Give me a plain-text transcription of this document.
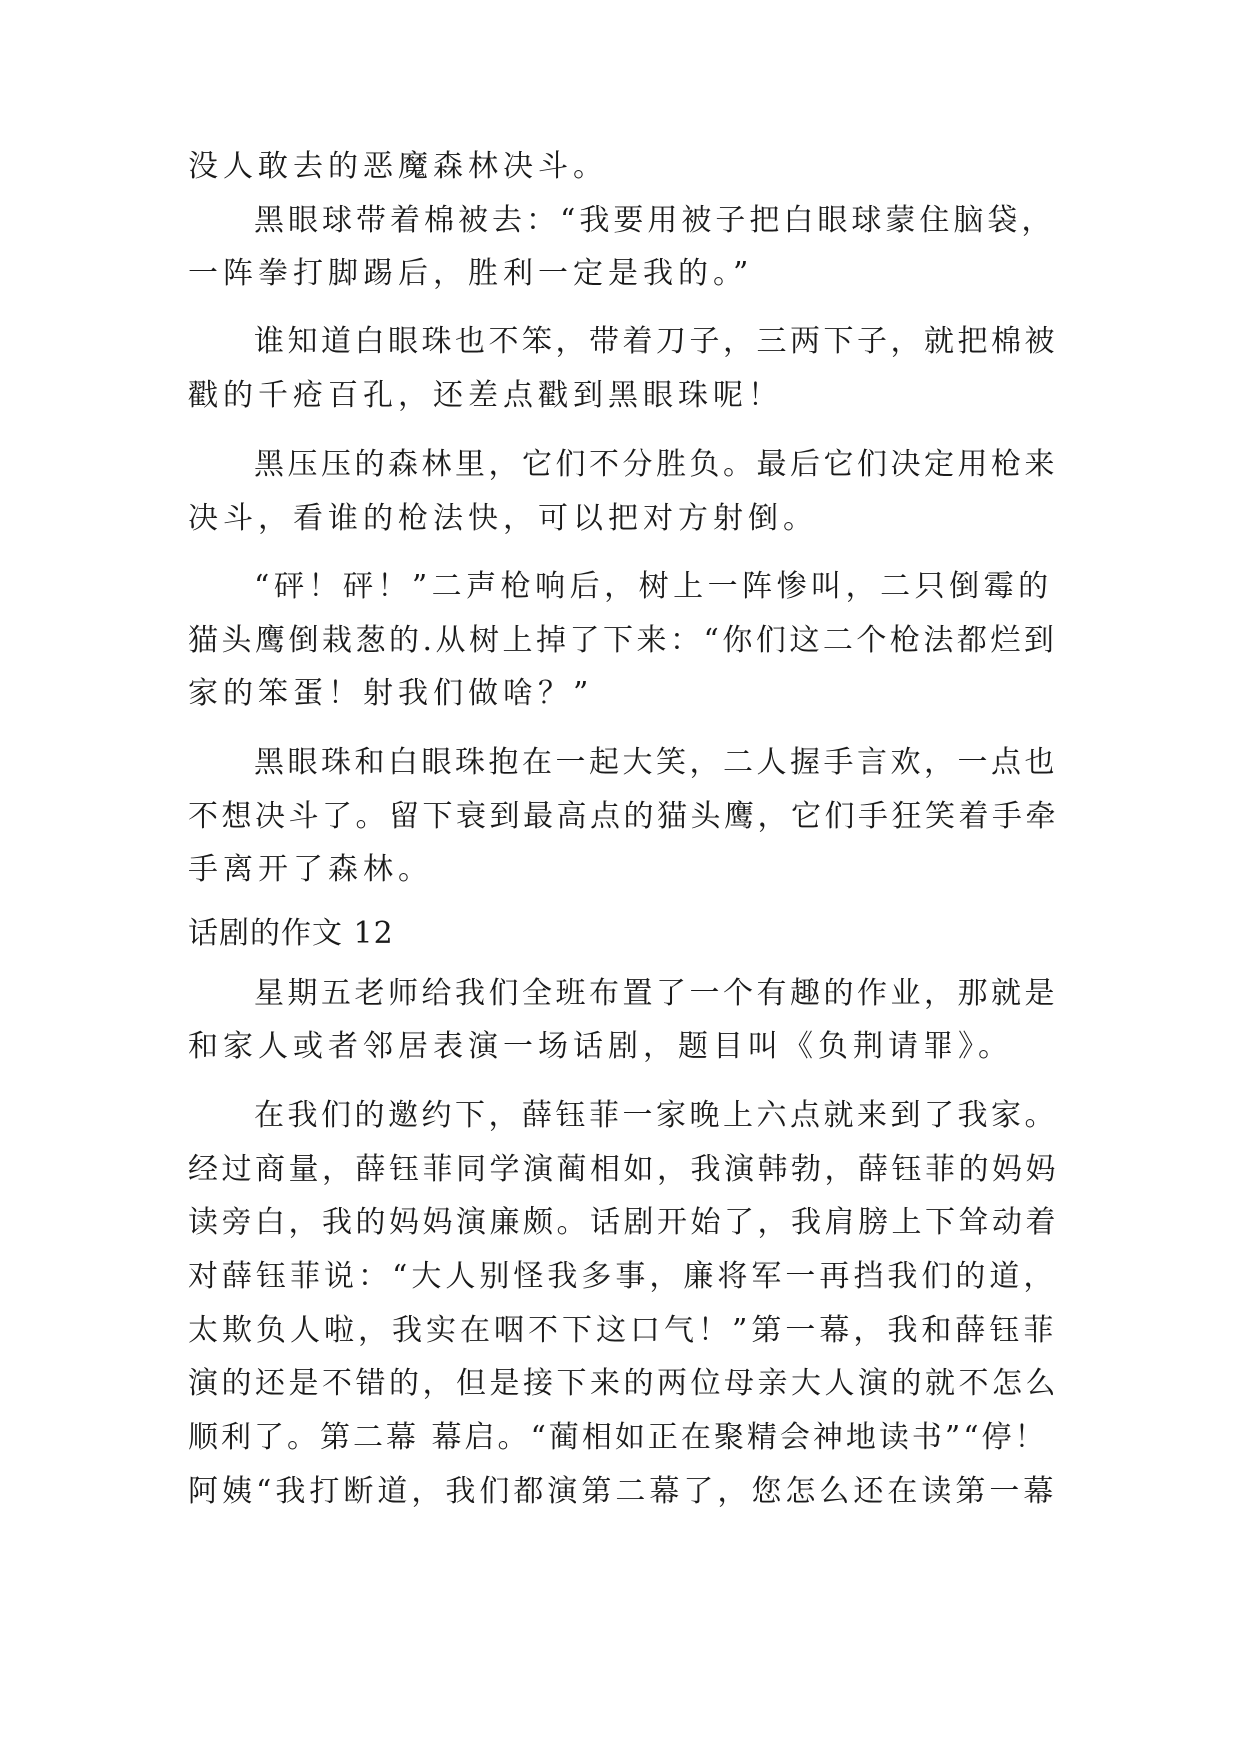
没人敢去的恶魔森林决斗。
黑眼球带着棉被去：“我要用被子把白眼球蒙住脑袋，
一阵拳打脚踢后，胜利一定是我的。”
谁知道白眼珠也不笨，带着刀子，三两下子，就把棉被
戳的千疮百孔，还差点戳到黑眼珠呢！
黑压压的森林里，它们不分胜负。最后它们决定用枪来
决斗，看谁的枪法快，可以把对方射倒。
“砰！砰！”二声枪响后，树上一阵惨叫，二只倒霉的
猫头鹰倒栽葱的.从树上掉了下来：“你们这二个枪法都烂到
家的笨蛋！射我们做啥？”
黑眼珠和白眼珠抱在一起大笑，二人握手言欢，一点也
不想决斗了。留下衰到最高点的猫头鹰，它们手狂笑着手牵
手离开了森林。
话剧的作文 12
星期五老师给我们全班布置了一个有趣的作业，那就是
和家人或者邻居表演一场话剧，题目叫《负荆请罪》。
在我们的邀约下，薛钰菲一家晚上六点就来到了我家。
经过商量，薛钰菲同学演蔺相如，我演韩勃，薛钰菲的妈妈
读旁白，我的妈妈演廉颇。话剧开始了，我肩膀上下耸动着
对薛钰菲说：“大人别怪我多事，廉将军一再挡我们的道，
太欺负人啦，我实在咽不下这口气！”第一幕，我和薛钰菲
演的还是不错的，但是接下来的两位母亲大人演的就不怎么
顺利了。第二幕 幕启。“蔺相如正在聚精会神地读书”“停！
阿姨“我打断道，我们都演第二幕了，您怎么还在读第一幕
